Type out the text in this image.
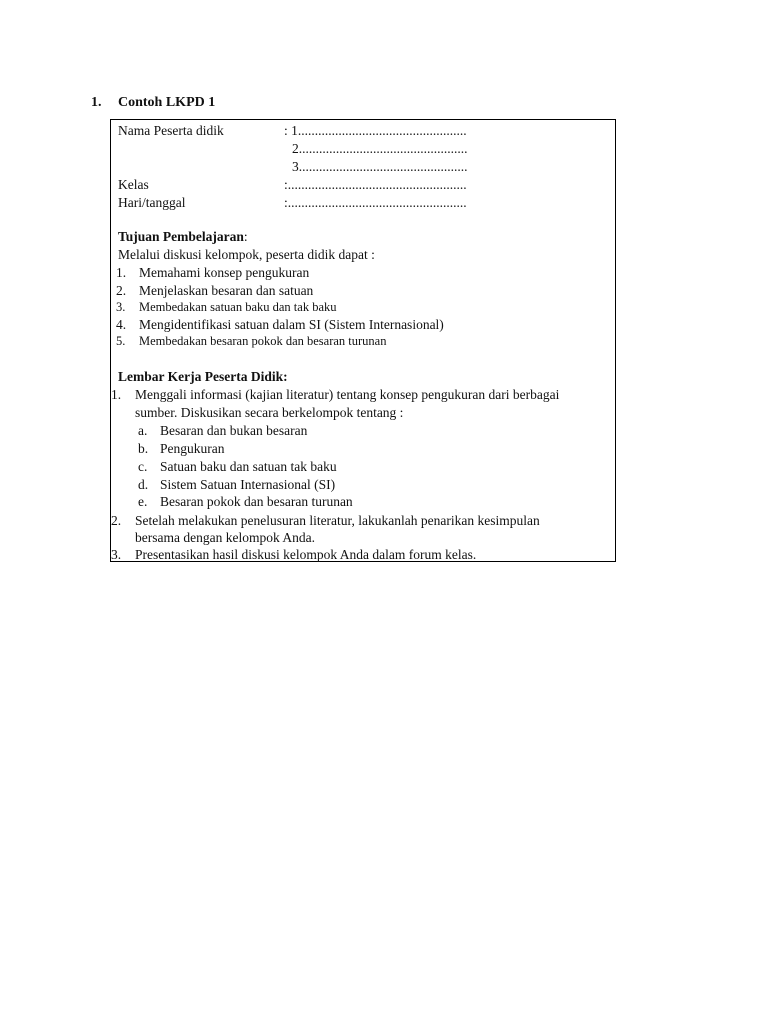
1. Contoh LKPD 1
Nama Peserta didik	: 1..................................................
2..................................................
3..................................................
Kelas	:.....................................................
Hari/tanggal	:.....................................................
Tujuan Pembelajaran:
Melalui diskusi kelompok, peserta didik dapat :
1. Memahami konsep pengukuran
2. Menjelaskan besaran dan satuan
3. Membedakan satuan baku dan tak baku
4. Mengidentifikasi satuan dalam SI (Sistem Internasional)
5. Membedakan besaran pokok dan besaran turunan
Lembar Kerja Peserta Didik:
1. Menggali informasi (kajian literatur) tentang konsep pengukuran dari berbagai
sumber. Diskusikan secara berkelompok tentang :
a. Besaran dan bukan besaran
b. Pengukuran
c. Satuan baku dan satuan tak baku
d. Sistem Satuan Internasional (SI)
e. Besaran pokok dan besaran turunan
2. Setelah melakukan penelusuran literatur, lakukanlah penarikan kesimpulan
bersama dengan kelompok Anda.
3. Presentasikan hasil diskusi kelompok Anda dalam forum kelas.
